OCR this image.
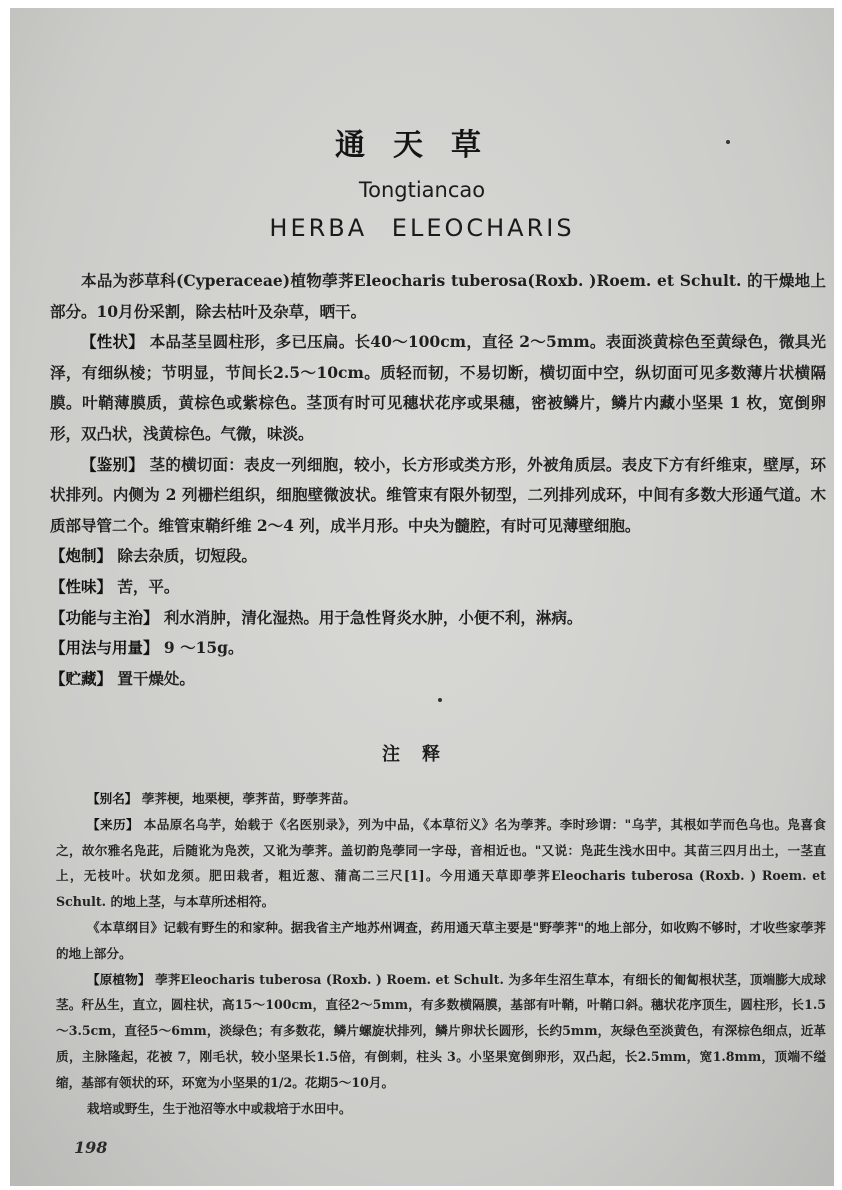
通天草
Tongtiancao
HERBA ELEOCHARIS

本品为莎草科(Cyperaceae)植物荸荠Eleocharis tuberosa(Roxb. )Roem. et Schult. 的干燥地上部分。10月份采割，除去枯叶及杂草，晒干。

【性状】 本品茎呈圆柱形，多已压扁。长40～100cm，直径 2～5mm。表面淡黄棕色至黄绿色，微具光泽，有细纵棱；节明显，节间长2.5～10cm。质轻而韧，不易切断，横切面中空，纵切面可见多数薄片状横隔膜。叶鞘薄膜质，黄棕色或紫棕色。茎顶有时可见穗状花序或果穗，密被鳞片，鳞片内藏小坚果 1 枚，宽倒卵形，双凸状，浅黄棕色。气微，味淡。

【鉴别】 茎的横切面：表皮一列细胞，较小，长方形或类方形，外被角质层。表皮下方有纤维束，壁厚，环状排列。内侧为 2 列栅栏组织，细胞壁微波状。维管束有限外韧型，二列排列成环，中间有多数大形通气道。木质部导管二个。维管束鞘纤维 2～4 列，成半月形。中央为髓腔，有时可见薄壁细胞。

【炮制】 除去杂质，切短段。

【性味】 苦，平。

【功能与主治】 利水消肿，清化湿热。用于急性肾炎水肿，小便不利，淋病。

【用法与用量】 9 ～15g。

【贮藏】 置干燥处。

注释

【别名】 荸荠梗，地栗梗，荸荠苗，野荸荠苗。

【来历】 本品原名乌芋，始载于《名医别录》，列为中品，《本草衍义》名为荸荠。李时珍谓："乌芋，其根如芋而色乌也。凫喜食之，故尔雅名凫茈，后随讹为凫茨，又讹为荸荠。盖切韵凫荸同一字母，音相近也。"又说：凫茈生浅水田中。其苗三四月出土，一茎直上，无枝叶。状如龙须。肥田栽者，粗近葱、蒲高二三尺[1]。今用通天草即荸荠Eleocharis tuberosa (Roxb. ) Roem. et Schult. 的地上茎，与本草所述相符。

《本草纲目》记载有野生的和家种。据我省主产地苏州调查，药用通天草主要是"野荸荠"的地上部分，如收购不够时，才收些家荸荠的地上部分。

【原植物】 荸荠Eleocharis tuberosa (Roxb. ) Roem. et Schult. 为多年生沼生草本，有细长的匍匐根状茎，顶端膨大成球茎。秆丛生，直立，圆柱状，高15～100cm，直径2～5mm，有多数横隔膜，基部有叶鞘，叶鞘口斜。穗状花序顶生，圆柱形，长1.5～3.5cm，直径5～6mm，淡绿色；有多数花，鳞片螺旋状排列，鳞片卵状长圆形，长约5mm，灰绿色至淡黄色，有深棕色细点，近革质，主脉隆起，花被 7，刚毛状，较小坚果长1.5倍，有倒刺，柱头 3。小坚果宽倒卵形，双凸起，长2.5mm，宽1.8mm，顶端不缢缩，基部有领状的环，环宽为小坚果的1/2。花期5～10月。

栽培或野生，生于池沼等水中或栽培于水田中。

198
